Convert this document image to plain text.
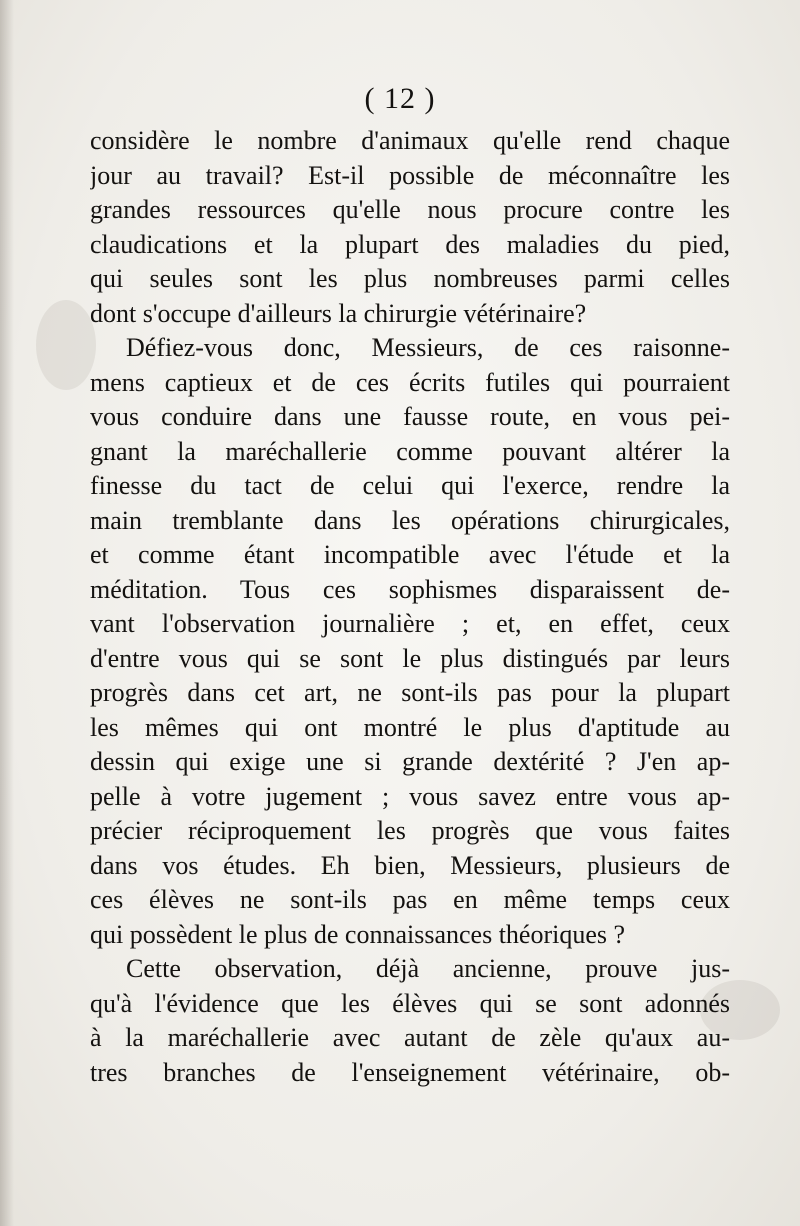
( 12 )
considère le nombre d'animaux qu'elle rend chaque
jour au travail? Est-il possible de méconnaître les
grandes ressources qu'elle nous procure contre les
claudications et la plupart des maladies du pied,
qui seules sont les plus nombreuses parmi celles
dont s'occupe d'ailleurs la chirurgie vétérinaire?
Défiez-vous donc, Messieurs, de ces raisonne-
mens captieux et de ces écrits futiles qui pourraient
vous conduire dans une fausse route, en vous pei-
gnant la maréchallerie comme pouvant altérer la
finesse du tact de celui qui l'exerce, rendre la
main tremblante dans les opérations chirurgicales,
et comme étant incompatible avec l'étude et la
méditation. Tous ces sophismes disparaissent de-
vant l'observation journalière ; et, en effet, ceux
d'entre vous qui se sont le plus distingués par leurs
progrès dans cet art, ne sont-ils pas pour la plupart
les mêmes qui ont montré le plus d'aptitude au
dessin qui exige une si grande dextérité ? J'en ap-
pelle à votre jugement ; vous savez entre vous ap-
précier réciproquement les progrès que vous faites
dans vos études. Eh bien, Messieurs, plusieurs de
ces élèves ne sont-ils pas en même temps ceux
qui possèdent le plus de connaissances théoriques ?
Cette observation, déjà ancienne, prouve jus-
qu'à l'évidence que les élèves qui se sont adonnés
à la maréchallerie avec autant de zèle qu'aux au-
tres branches de l'enseignement vétérinaire, ob-
